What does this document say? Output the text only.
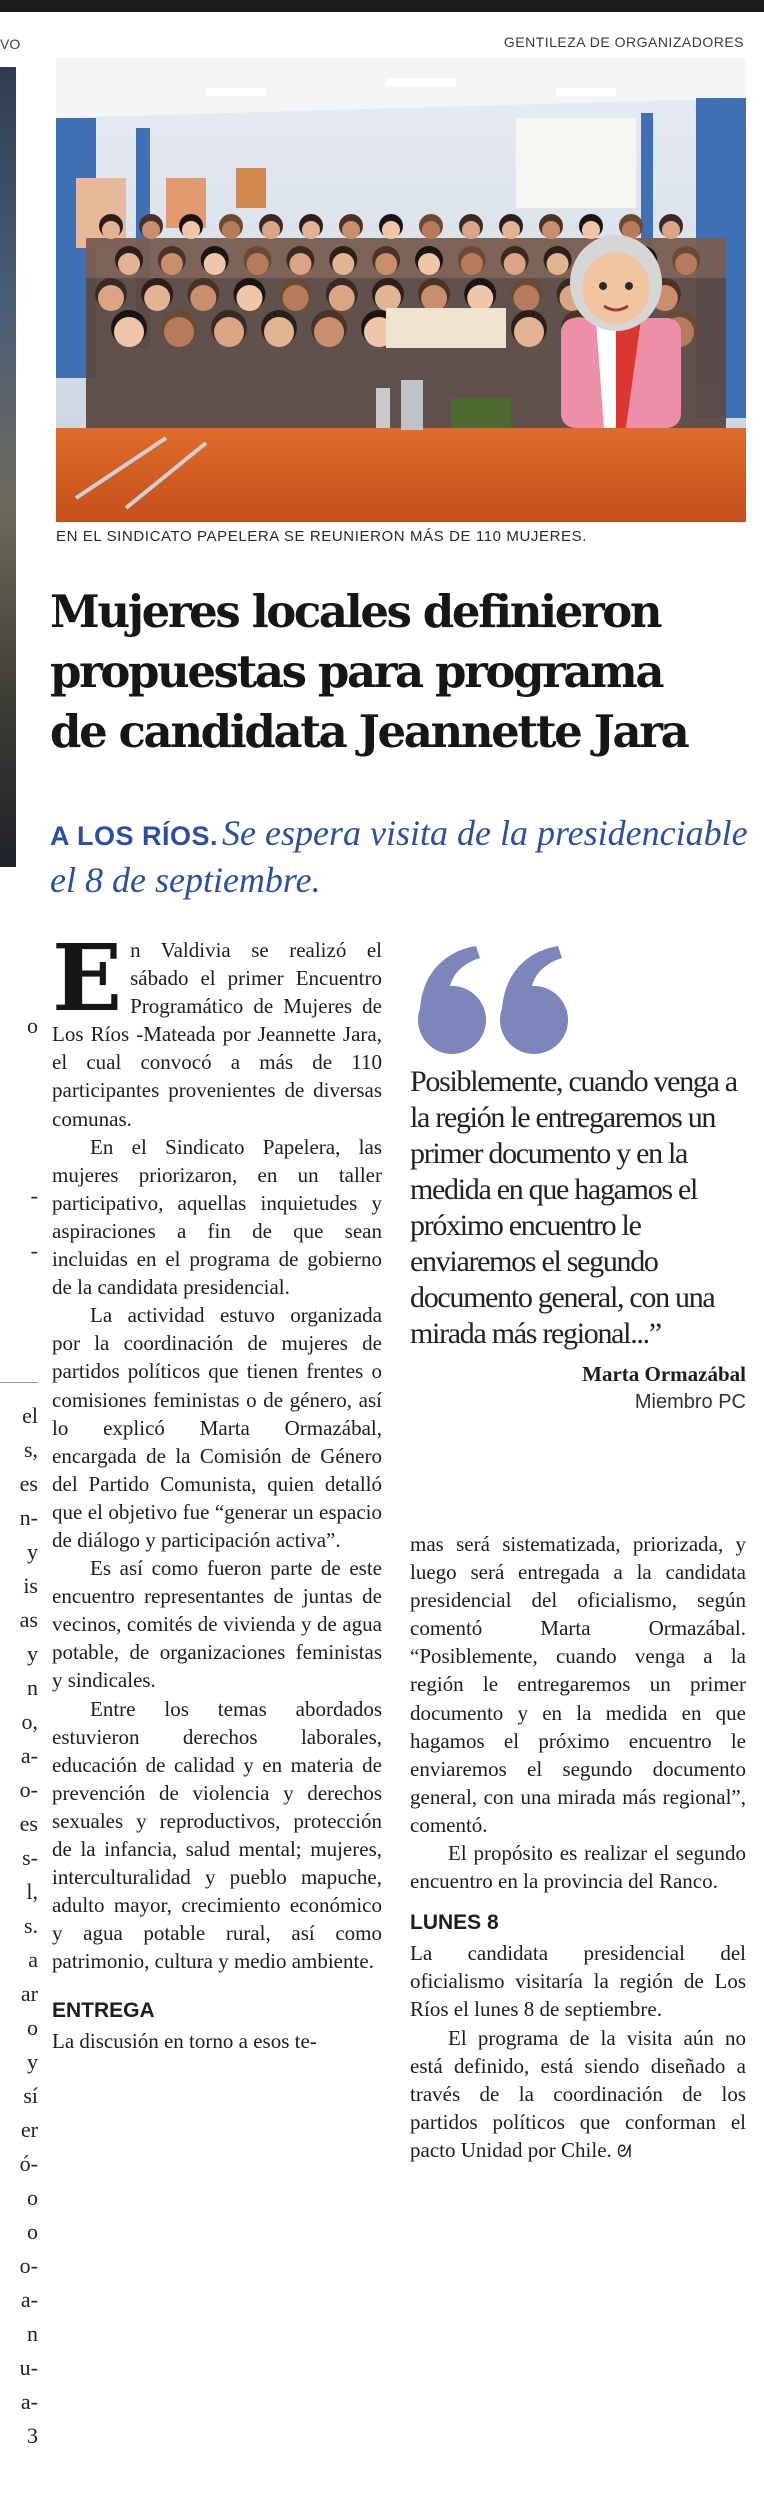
VO
o
-
-
el
s,
es
n-
y
is
as
y
n
o,
a-
o-
es
s-
l,
s.
a
ar
o
y
sí
er
ó-
o
o
o-
a-
n
u-
a-
3
GENTILEZA DE ORGANIZADORES
EN EL SINDICATO PAPELERA SE REUNIERON MÁS DE 110 MUJERES.
Mujeres locales definieron
propuestas para programa
de candidata Jeannette Jara
A LOS RÍOS. Se espera visita de la presidenciable el 8 de septiembre.

En Valdivia se realizó el sábado el primer Encuentro Programático de Mujeres de Los Ríos -Mateada por Jeannette Jara, el cual convocó a más de 110 participantes provenientes de diversas comunas.

En el Sindicato Papelera, las mujeres priorizaron, en un taller participativo, aquellas inquietudes y aspiraciones a fin de que sean incluidas en el programa de gobierno de la candidata presidencial.

La actividad estuvo organizada por la coordinación de mujeres de partidos políticos que tienen frentes o comisiones feministas o de género, así lo explicó Marta Ormazábal, encargada de la Comisión de Género del Partido Comunista, quien detalló que el objetivo fue “generar un espacio de diálogo y participación activa”.

Es así como fueron parte de este encuentro representantes de juntas de vecinos, comités de vivienda y de agua potable, de organizaciones feministas y sindicales.

Entre los temas abordados estuvieron derechos laborales, educación de calidad y en materia de prevención de violencia y derechos sexuales y reproductivos, protección de la infancia, salud mental; mujeres, interculturalidad y pueblo mapuche, adulto mayor, crecimiento económico y agua potable rural, así como patrimonio, cultura y medio ambiente.

ENTREGA

La discusión en torno a esos te-

Posiblemente, cuando venga a la región le entregaremos un primer documento y en la medida en que hagamos el próximo encuentro le enviaremos el segundo documento general, con una mirada más regional...”
Marta Ormazábal
Miembro PC

mas será sistematizada, priorizada, y luego será entregada a la candidata presidencial del oficialismo, según comentó Marta Ormazábal. “Posiblemente, cuando venga a la región le entregaremos un primer documento y en la medida en que hagamos el próximo encuentro le enviaremos el segundo documento general, con una mirada más regional”, comentó.

El propósito es realizar el segundo encuentro en la provincia del Ranco.

LUNES 8

La candidata presidencial del oficialismo visitaría la región de Los Ríos el lunes 8 de septiembre.

El programa de la visita aún no está definido, está siendo diseñado a través de la coordinación de los partidos políticos que conforman el pacto Unidad por Chile. ᘛ
